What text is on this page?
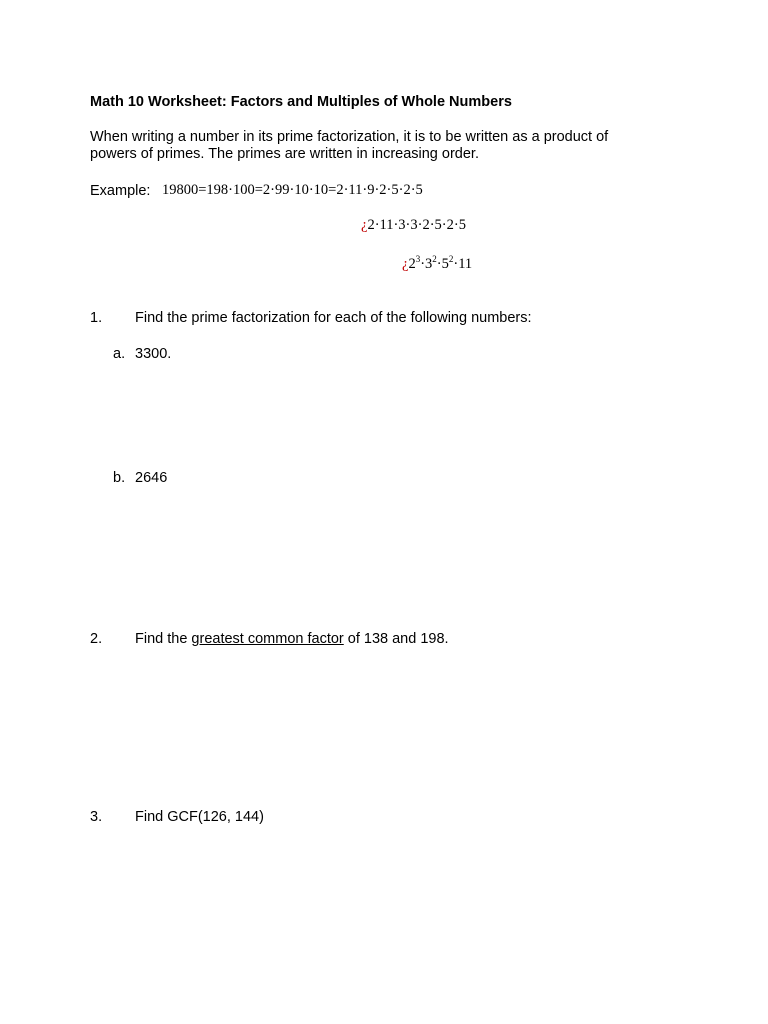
Math 10 Worksheet: Factors and Multiples of Whole Numbers
When writing a number in its prime factorization, it is to be written as a product of
powers of primes. The primes are written in increasing order.
Example: 19800=198·100=2·99·10·10=2·11·9·2·5·2·5
¿2·11·3·3·2·5·2·5
¿$2^3\cdot 3^2\cdot 5^2\cdot 11$
1. Find the prime factorization for each of the following numbers:
a. 3300.
b. 2646
2. Find the greatest common factor of 138 and 198.
3. Find GCF(126, 144)
